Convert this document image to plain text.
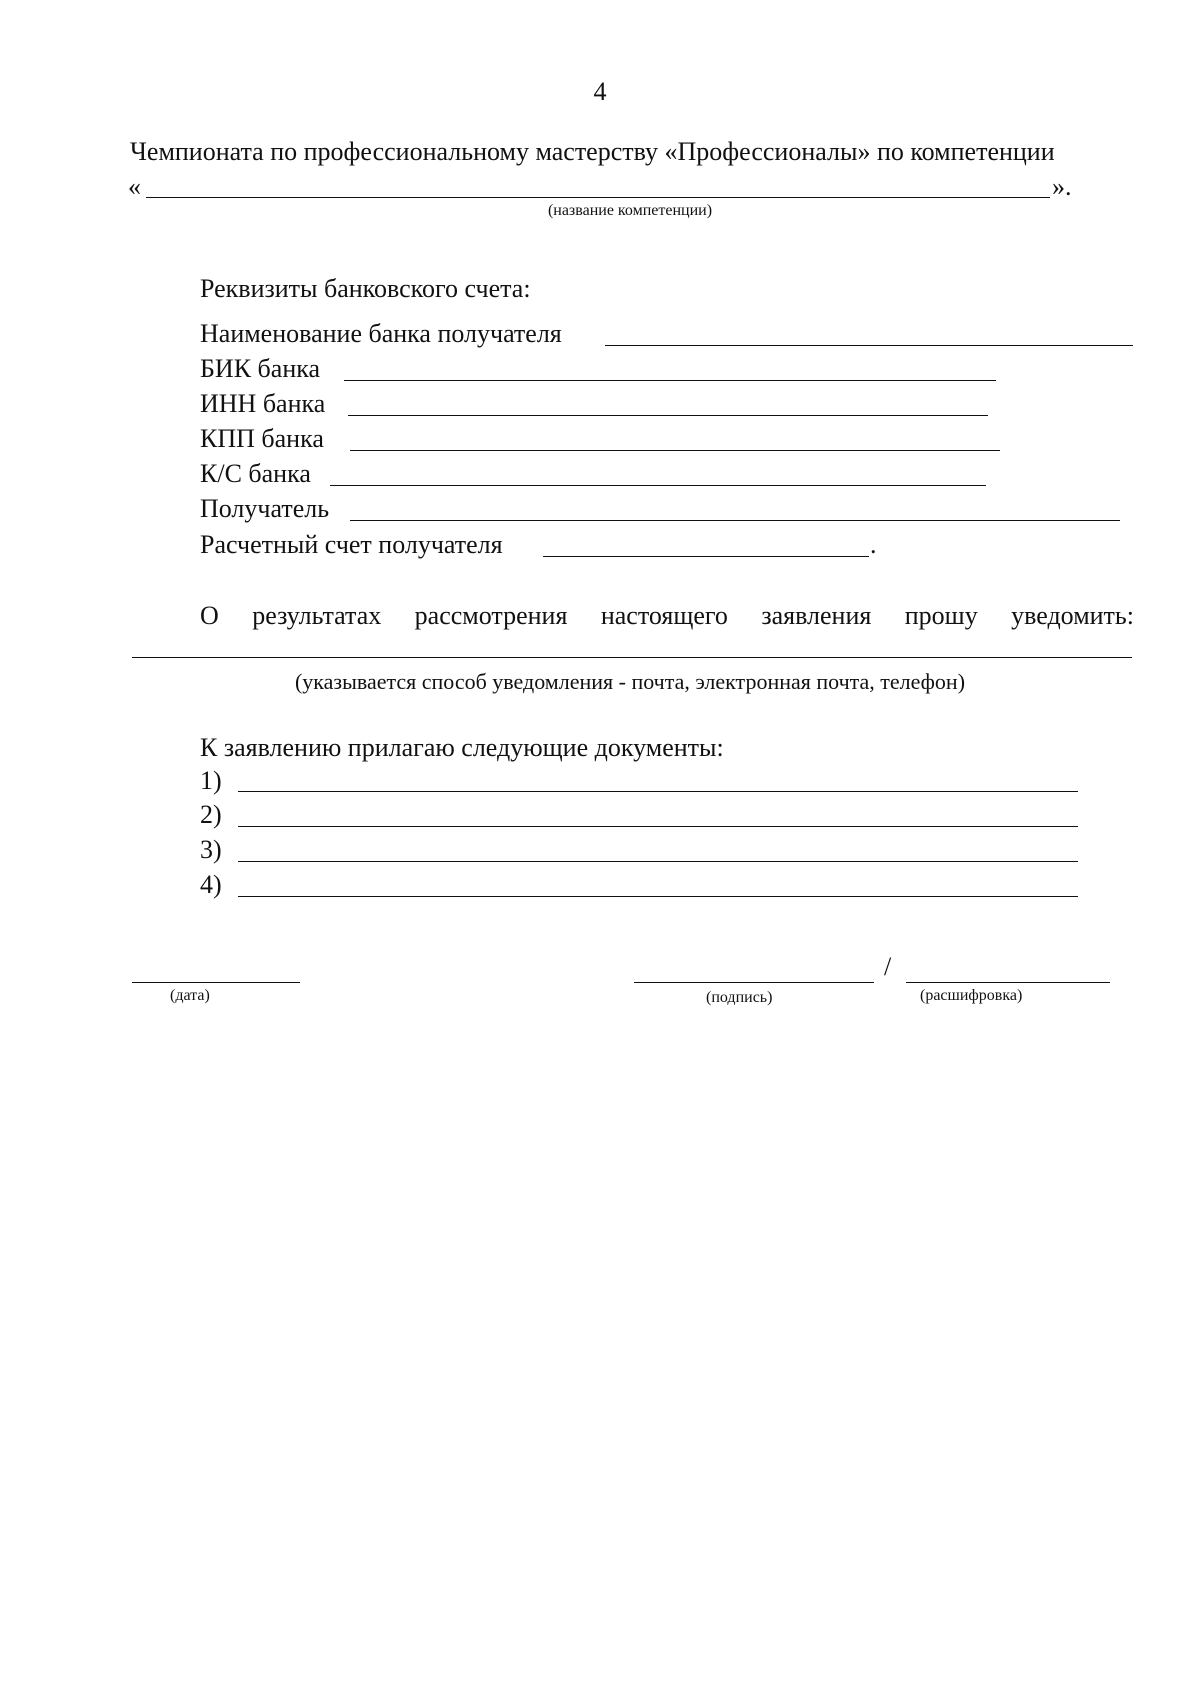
4
Чемпионата по профессиональному мастерству «Профессионалы» по компетенции
«	».
(название компетенции)
Реквизиты банковского счета:
Наименование банка получателя
БИК банка
ИНН банка
КПП банка
К/С банка
Получатель
Расчетный счет получателя	.
О результатах рассмотрения настоящего заявления прошу уведомить:
(указывается способ уведомления - почта, электронная почта, телефон)
К заявлению прилагаю следующие документы:
1)
2)
3)
4)
(дата)
/
(подпись)	(расшифровка)
